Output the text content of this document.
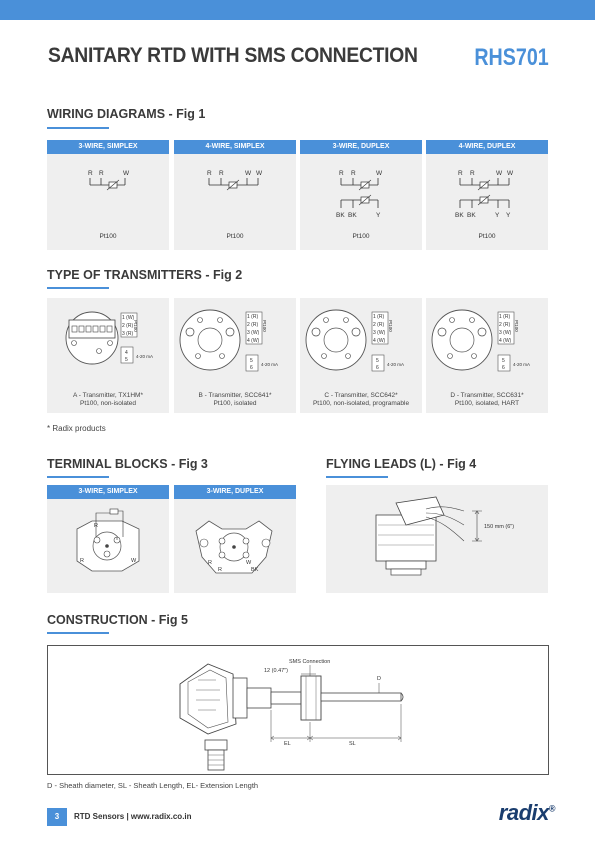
SANITARY RTD WITH SMS CONNECTION RHS701
WIRING DIAGRAMS - Fig 1
3-WIRE, SIMPLEX
R R	W
Pt100
4-WIRE, SIMPLEX
R R	W W
Pt100
3-WIRE, DUPLEX
R R	W
BK BK	Y
Pt100
4-WIRE, DUPLEX
R R	W W
BK BK	Y Y
Pt100
TYPE OF TRANSMITTERS - Fig 2
1 (W)
2 (R)
3 (R)
Pt100
4
5
4-20 mA
A - Transmitter, TX1HM*
Pt100, non-isolated
1 (R)
2 (R)
3 (W)
4 (W)
Pt100
5
6
4-20 mA
B - Transmitter, SCC641*
Pt100, isolated
1 (R)
2 (R)
3 (W)
4 (W)
Pt100
5
6
4-20 mA
C - Transmitter, SCC642*
Pt100, non-isolated, programable
1 (R)
2 (R)
3 (W)
4 (W)
Pt100
5
6
4-20 mA
D - Transmitter, SCC631*
Pt100, isolated, HART
* Radix products
TERMINAL BLOCKS - Fig 3
3-WIRE, SIMPLEX
R
R	W
3-WIRE, DUPLEX
R
R
W
BK
FLYING LEADS (L) - Fig 4
150 mm (6")
CONSTRUCTION - Fig 5
SMS Connection
12 (0.47")
D
EL	SL
D - Sheath diameter, SL - Sheath Length, EL- Extension Length
3	RTD Sensors | www.radix.co.in	radix®
